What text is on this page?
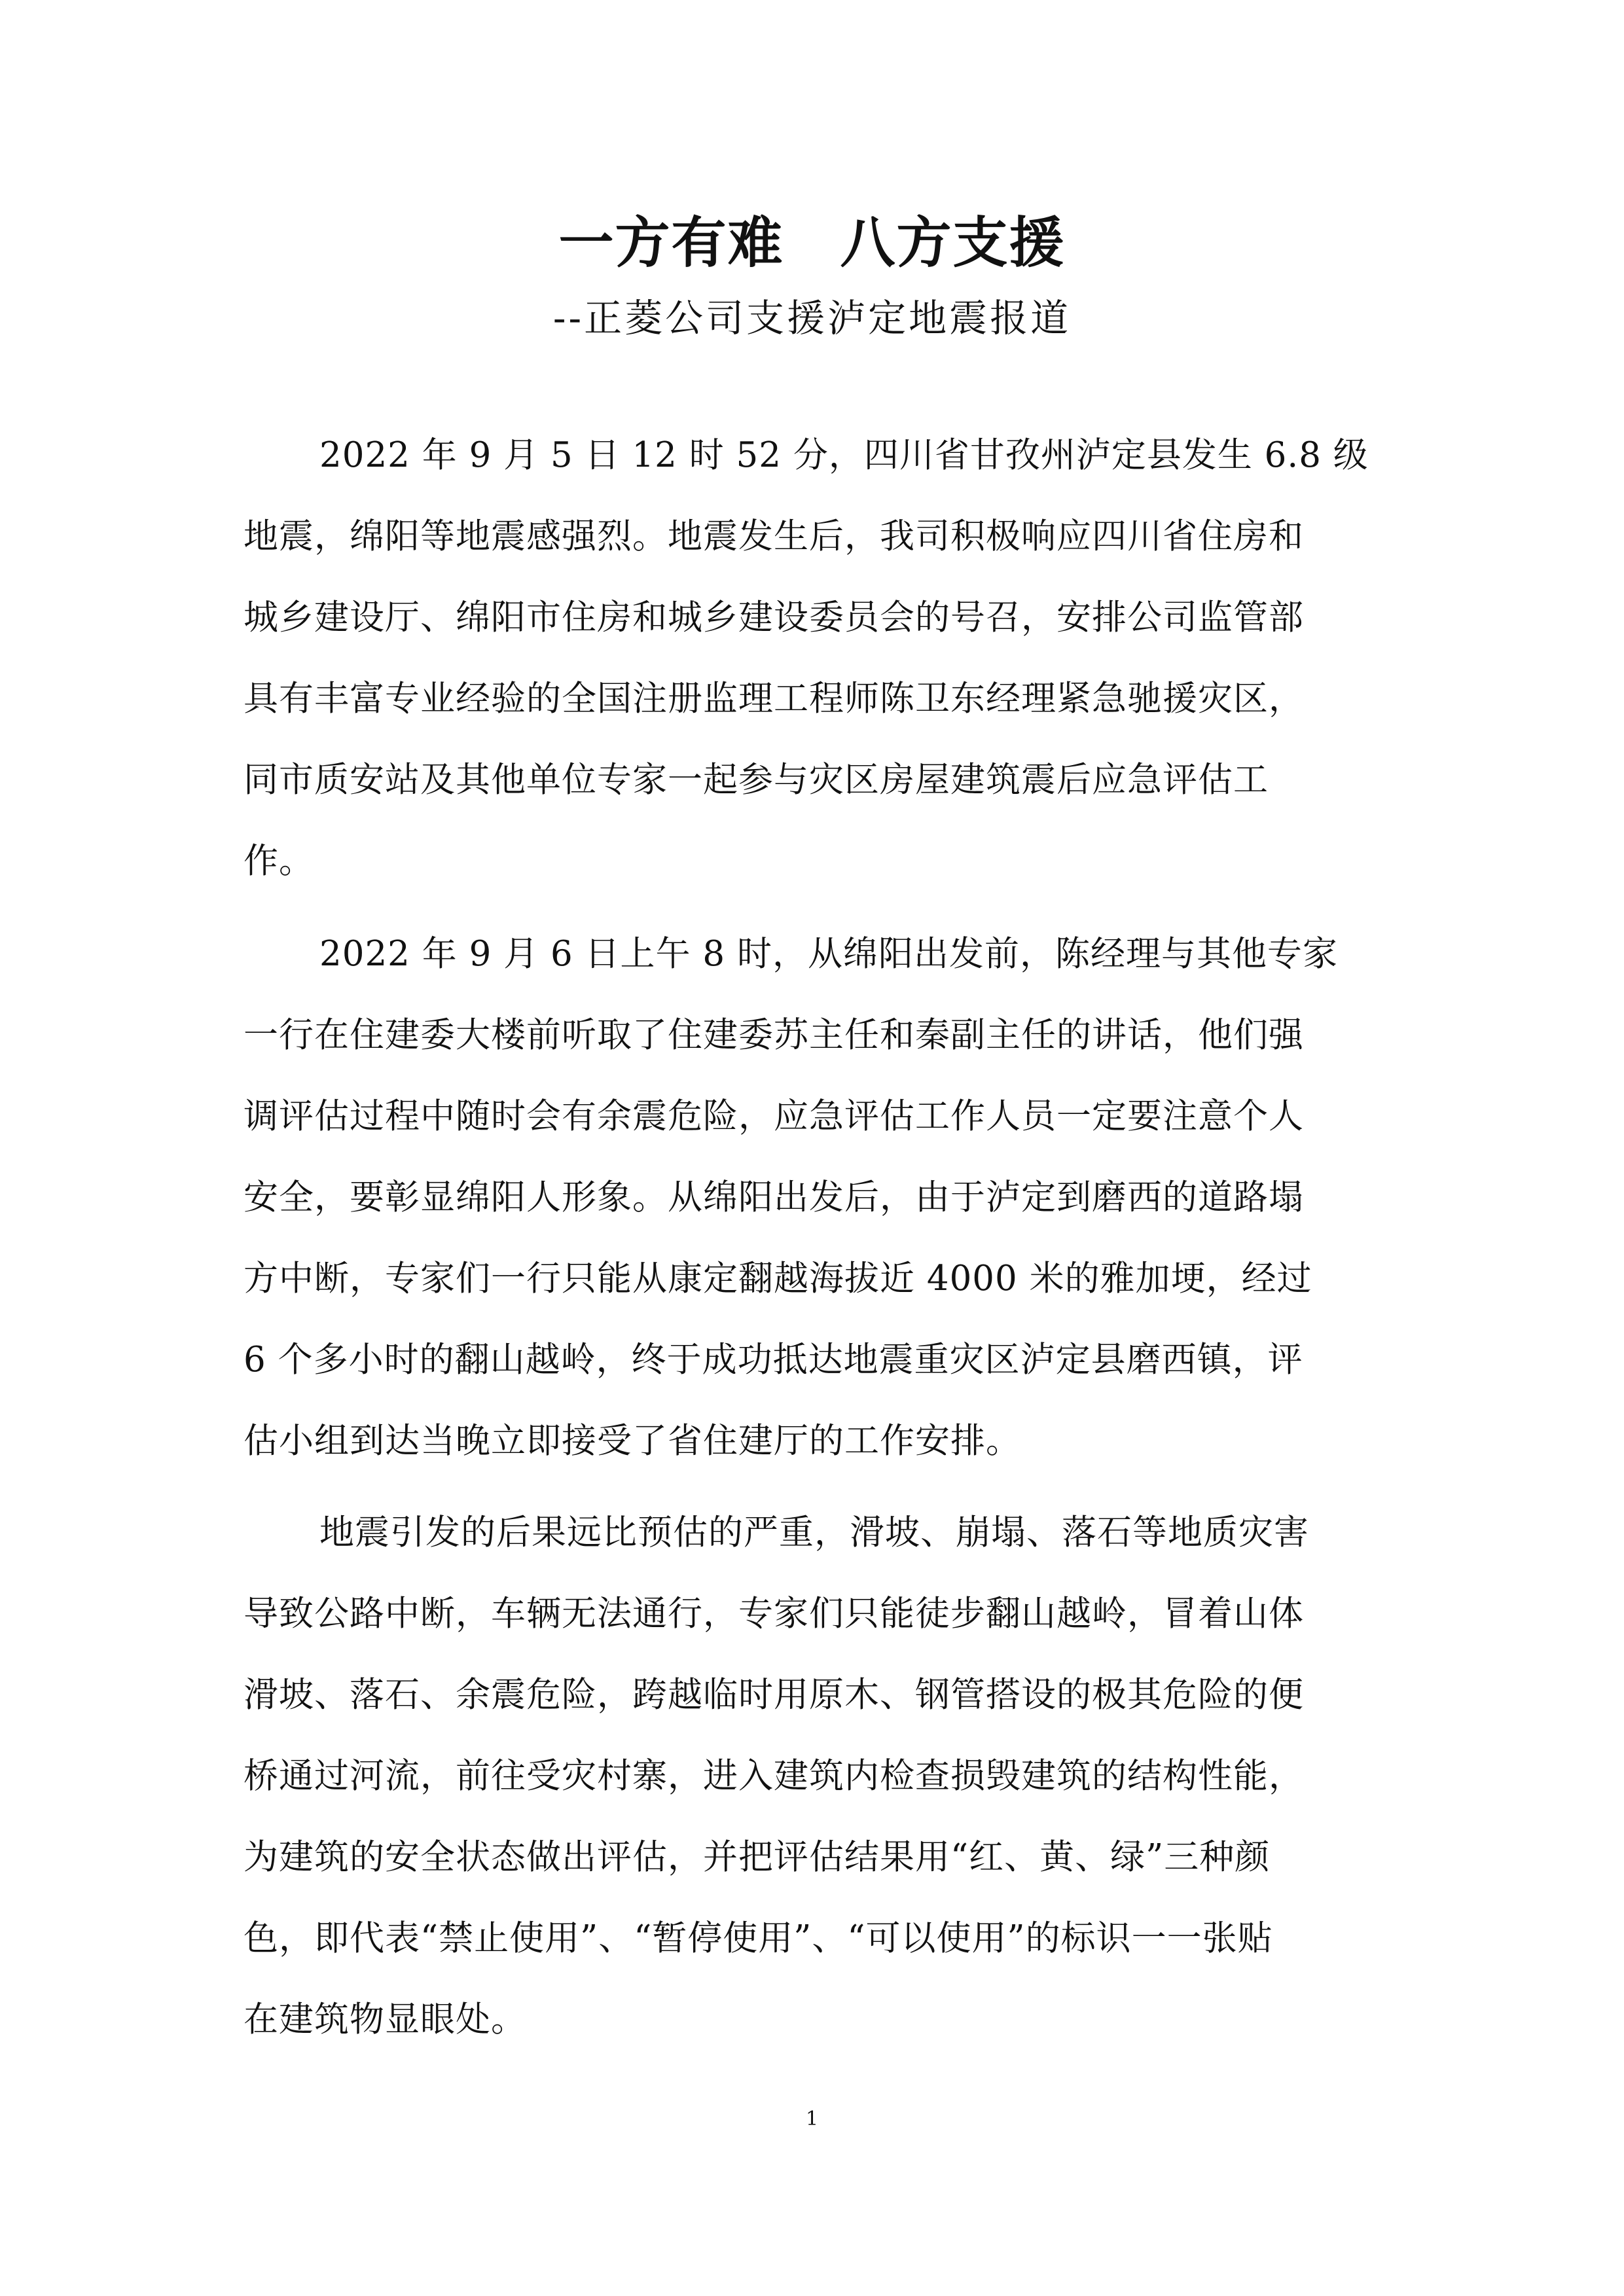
一方有难　八方支援
--正菱公司支援泸定地震报道
2022 年 9 月 5 日 12 时 52 分，四川省甘孜州泸定县发生 6.8 级
地震，绵阳等地震感强烈。地震发生后，我司积极响应四川省住房和
城乡建设厅、绵阳市住房和城乡建设委员会的号召，安排公司监管部
具有丰富专业经验的全国注册监理工程师陈卫东经理紧急驰援灾区，
同市质安站及其他单位专家一起参与灾区房屋建筑震后应急评估工
作。
2022 年 9 月 6 日上午 8 时，从绵阳出发前，陈经理与其他专家
一行在住建委大楼前听取了住建委苏主任和秦副主任的讲话，他们强
调评估过程中随时会有余震危险，应急评估工作人员一定要注意个人
安全，要彰显绵阳人形象。从绵阳出发后，由于泸定到磨西的道路塌
方中断，专家们一行只能从康定翻越海拔近 4000 米的雅加埂，经过
6 个多小时的翻山越岭，终于成功抵达地震重灾区泸定县磨西镇，评
估小组到达当晚立即接受了省住建厅的工作安排。
地震引发的后果远比预估的严重，滑坡、崩塌、落石等地质灾害
导致公路中断，车辆无法通行，专家们只能徒步翻山越岭，冒着山体
滑坡、落石、余震危险，跨越临时用原木、钢管搭设的极其危险的便
桥通过河流，前往受灾村寨，进入建筑内检查损毁建筑的结构性能，
为建筑的安全状态做出评估，并把评估结果用“红、黄、绿”三种颜
色，即代表“禁止使用”、“暂停使用”、“可以使用”的标识一一张贴
在建筑物显眼处。
1
